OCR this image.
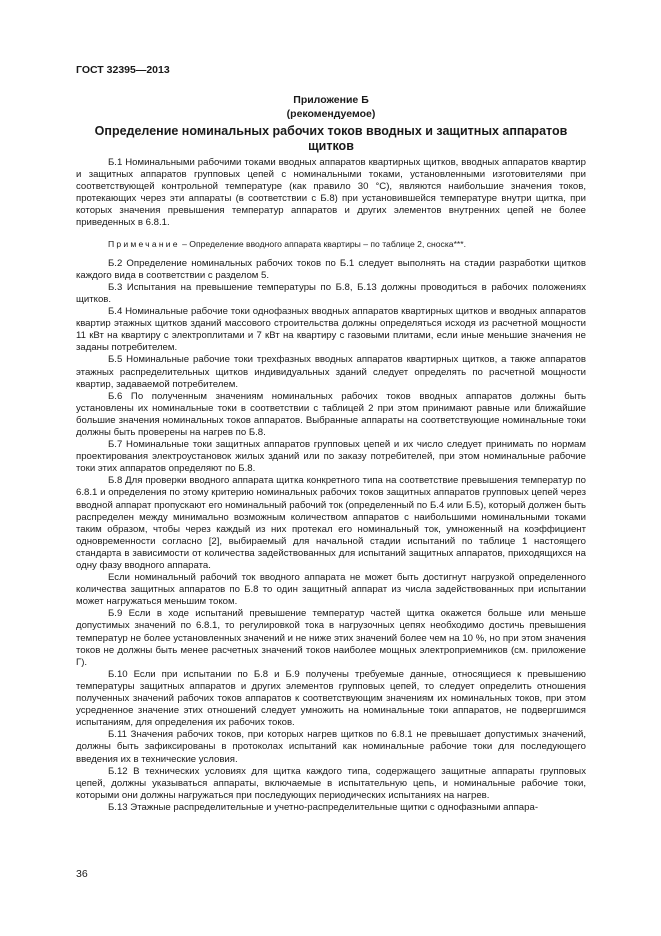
ГОСТ 32395—2013
Приложение Б
(рекомендуемое)
Определение номинальных рабочих токов вводных и защитных аппаратов щитков

Б.1 Номинальными рабочими токами вводных аппаратов квартирных щитков, вводных аппаратов квартир и защитных аппаратов групповых цепей с номинальными токами, установленными изготовителями при соответствующей контрольной температуре (как правило 30 °С), являются наибольшие значения токов, протекающих через эти аппараты (в соответствии с Б.8) при установившейся температуре внутри щитка, при которых значения превышения температур аппаратов и других элементов внутренних цепей не более приведенных в 6.8.1.

Примечание – Определение вводного аппарата квартиры – по таблице 2, сноска***.

Б.2 Определение номинальных рабочих токов по Б.1 следует выполнять на стадии разработки щитков каждого вида в соответствии с разделом 5.

Б.3 Испытания на превышение температуры по Б.8, Б.13 должны проводиться в рабочих положениях щитков.

Б.4 Номинальные рабочие токи однофазных вводных аппаратов квартирных щитков и вводных аппаратов квартир этажных щитков зданий массового строительства должны определяться исходя из расчетной мощности 11 кВт на квартиру с электроплитами и 7 кВт на квартиру с газовыми плитами, если иные меньшие значения не заданы потребителем.

Б.5 Номинальные рабочие токи трехфазных вводных аппаратов квартирных щитков, а также аппаратов этажных распределительных щитков индивидуальных зданий следует определять по расчетной мощности квартир, задаваемой потребителем.

Б.6 По полученным значениям номинальных рабочих токов вводных аппаратов должны быть установлены их номинальные токи в соответствии с таблицей 2 при этом принимают равные или ближайшие большие значения номинальных токов аппаратов. Выбранные аппараты на соответствующие номинальные токи должны быть проверены на нагрев по Б.8.

Б.7 Номинальные токи защитных аппаратов групповых цепей и их число следует принимать по нормам проектирования электроустановок жилых зданий или по заказу потребителей, при этом номинальные рабочие токи этих аппаратов определяют по Б.8.

Б.8 Для проверки вводного аппарата щитка конкретного типа на соответствие превышения температур по 6.8.1 и определения по этому критерию номинальных рабочих токов защитных аппаратов групповых цепей через вводной аппарат пропускают его номинальный рабочий ток (определенный по Б.4 или Б.5), который должен быть распределен между минимально возможным количеством аппаратов с наибольшими номинальными токами таким образом, чтобы через каждый из них протекал его номинальный ток, умноженный на коэффициент одновременности согласно [2], выбираемый для начальной стадии испытаний по таблице 1 настоящего стандарта в зависимости от количества задействованных для испытаний защитных аппаратов, приходящихся на одну фазу вводного аппарата.

Если номинальный рабочий ток вводного аппарата не может быть достигнут нагрузкой определенного количества защитных аппаратов по Б.8 то один защитный аппарат из числа задействованных при испытании может нагружаться меньшим током.

Б.9 Если в ходе испытаний превышение температур частей щитка окажется больше или меньше допустимых значений по 6.8.1, то регулировкой тока в нагрузочных цепях необходимо достичь превышения температур не более установленных значений и не ниже этих значений более чем на 10 %, но при этом значения токов не должны быть менее расчетных значений токов наиболее мощных электроприемников (см. приложение Г).

Б.10 Если при испытании по Б.8 и Б.9 получены требуемые данные, относящиеся к превышению температуры защитных аппаратов и других элементов групповых цепей, то следует определить отношения полученных значений рабочих токов аппаратов к соответствующим значениям их номинальных токов, при этом усредненное значение этих отношений следует умножить на номинальные токи аппаратов, не подвергшимся испытаниям, для определения их рабочих токов.

Б.11 Значения рабочих токов, при которых нагрев щитков по 6.8.1 не превышает допустимых значений, должны быть зафиксированы в протоколах испытаний как номинальные рабочие токи для последующего введения их в технические условия.

Б.12 В технических условиях для щитка каждого типа, содержащего защитные аппараты групповых цепей, должны указываться аппараты, включаемые в испытательную цепь, и номинальные рабочие токи, которыми они должны нагружаться при последующих периодических испытаниях на нагрев.

Б.13 Этажные распределительные и учетно-распределительные щитки с однофазными аппара-

36
